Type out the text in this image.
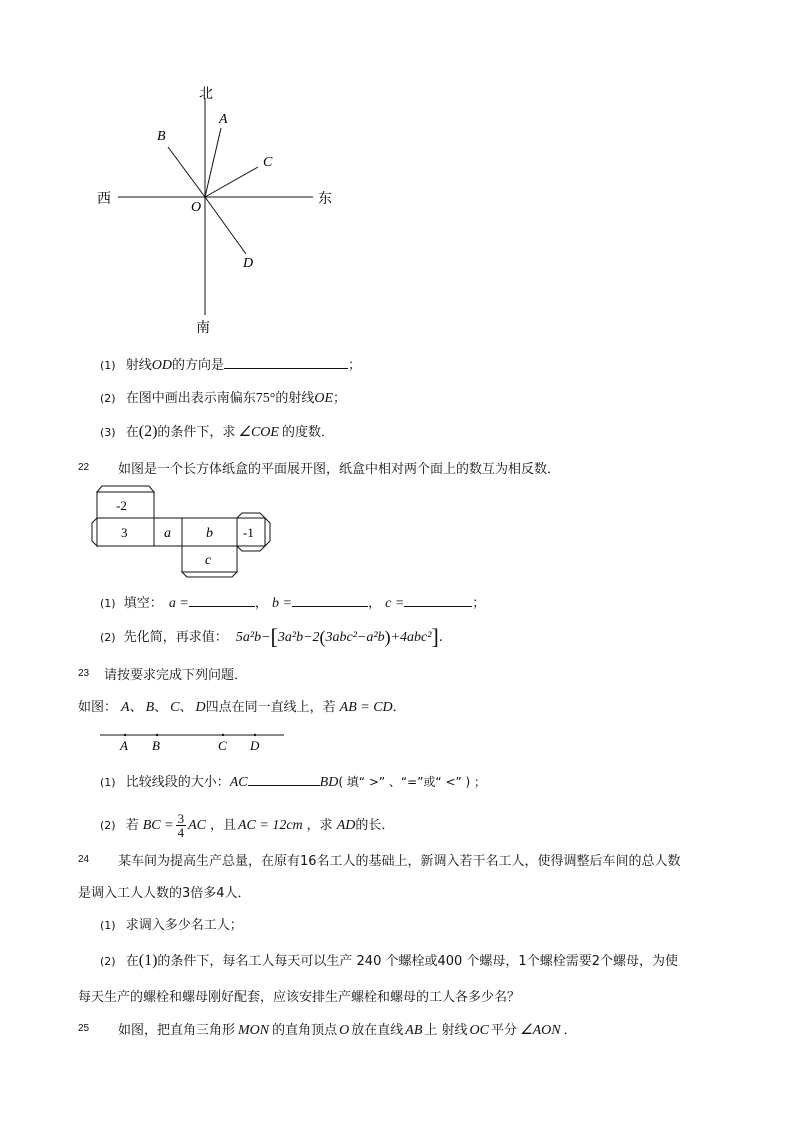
北
南
西	东
O
A
B
C
D
(1) 射线OD的方向是	；
(2) 在图中画出表示南偏东75°的射线OE；
(3) 在(2)的条件下，求 ∠COE 的度数．
22 如图是一个长方体纸盒的平面展开图，纸盒中相对两个面上的数互为相反数．
-2
3	a	b -1
c
(1) 填空： a =	， b =	， c =	；
(2) 先化简，再求值： 5a²b−[3a²b−2(3abc²−a²b)+4abc²].
23 请按要求完成下列问题．
如图： A、 B、 C、 D四点在同一直线上，若 AB = CD．
A B	C D
(1) 比较线段的大小：AC	BD( 填“ >” 、“=”或“ <” ) ；
(2) 若 BC = $\frac{3}{4}$ AC ，且 AC = 12cm ，求 AD的长．
24 某车间为提高生产总量，在原有16名工人的基础上，新调入若干名工人，使得调整后车间的总人数
是调入工人人数的3倍多4人．
(1) 求调入多少名工人；
(2) 在(1)的条件下，每名工人每天可以生产 240 个螺栓或400 个螺母，1个螺栓需要2个螺母，为使
每天生产的螺栓和螺母刚好配套，应该安排生产螺栓和螺母的工人各多少名？
25 如图，把直角三角形 MON 的直角顶点 O 放在直线 AB 上 射线 OC 平分 ∠AON ．
